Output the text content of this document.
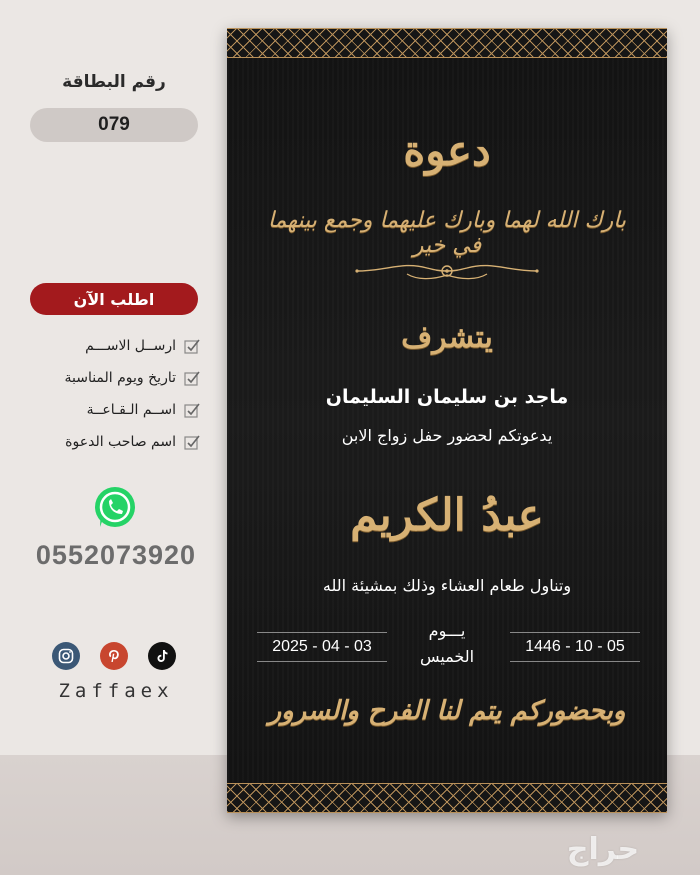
رقم البطاقة
079
اطلب الآن
ارســل الاســـم
تاريخ ويوم المناسبة
اســم الـقـاعــة
اسم صاحب الدعوة
0552073920
Zaffaex
دعوة
بارك الله لهما وبارك عليهما وجمع بينهما في خير
يتشرف
ماجد بن سليمان السليمان
يدعوتكم لحضور حفل زواج الابن
عبدُ الكريم
وتناول طعام العشاء وذلك بمشيئة الله
2025 - 04 - 03
يـــوم
الخميس
1446 - 10 - 05
وبحضوركم يتم لنا الفرح والسرور
حراج
